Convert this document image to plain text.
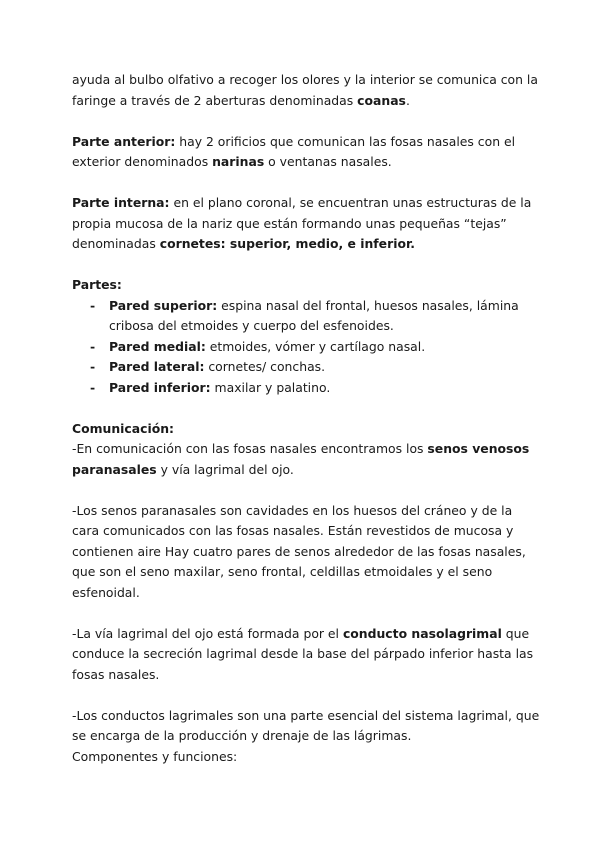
ayuda al bulbo olfativo a recoger los olores y la interior se comunica con la faringe a través de 2 aberturas denominadas coanas.

Parte anterior: hay 2 orificios que comunican las fosas nasales con el exterior denominados narinas o ventanas nasales.

Parte interna: en el plano coronal, se encuentran unas estructuras de la propia mucosa de la nariz que están formando unas pequeñas “tejas” denominadas cornetes: superior, medio, e inferior.

Partes:

- Pared superior: espina nasal del frontal, huesos nasales, lámina cribosa del etmoides y cuerpo del esfenoides.
- Pared medial: etmoides, vómer y cartílago nasal.
- Pared lateral: cornetes/ conchas.
- Pared inferior: maxilar y palatino.

Comunicación:

-En comunicación con las fosas nasales encontramos los senos venosos paranasales y vía lagrimal del ojo.

-Los senos paranasales son cavidades en los huesos del cráneo y de la cara comunicados con las fosas nasales. Están revestidos de mucosa y contienen aire Hay cuatro pares de senos alrededor de las fosas nasales, que son el seno maxilar, seno frontal, celdillas etmoidales y el seno esfenoidal.

-La vía lagrimal del ojo está formada por el conducto nasolagrimal que conduce la secreción lagrimal desde la base del párpado inferior hasta las fosas nasales.

-Los conductos lagrimales son una parte esencial del sistema lagrimal, que se encarga de la producción y drenaje de las lágrimas.

Componentes y funciones:
